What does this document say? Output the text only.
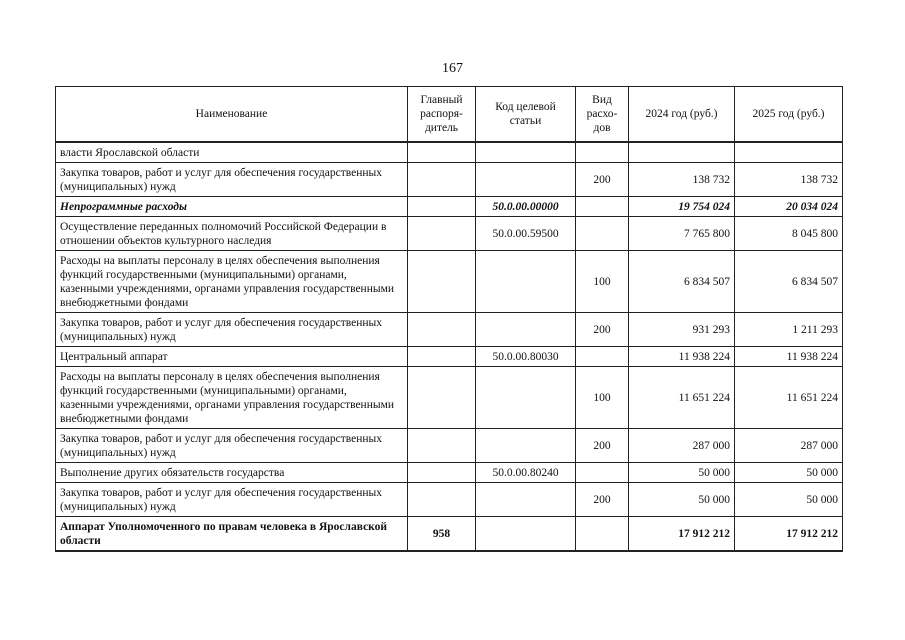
167
Наименование	Главный распоря-дитель	Код целевой статьи	Вид расхо-дов	2024 год (руб.)	2025 год (руб.)
власти Ярославской области					
Закупка товаров, работ и услуг для обеспечения государственных (муниципальных) нужд			200	138 732	138 732
Непрограммные расходы		50.0.00.00000		19 754 024	20 034 024
Осуществление переданных полномочий Российской Федерации в отношении объектов культурного наследия		50.0.00.59500		7 765 800	8 045 800
Расходы на выплаты персоналу в целях обеспечения выполнения функций государственными (муниципальными) органами, казенными учреждениями, органами управления государственными внебюджетными фондами			100	6 834 507	6 834 507
Закупка товаров, работ и услуг для обеспечения государственных (муниципальных) нужд			200	931 293	1 211 293
Центральный аппарат		50.0.00.80030		11 938 224	11 938 224
Расходы на выплаты персоналу в целях обеспечения выполнения функций государственными (муниципальными) органами, казенными учреждениями, органами управления государственными внебюджетными фондами			100	11 651 224	11 651 224
Закупка товаров, работ и услуг для обеспечения государственных (муниципальных) нужд			200	287 000	287 000
Выполнение других обязательств государства		50.0.00.80240		50 000	50 000
Закупка товаров, работ и услуг для обеспечения государственных (муниципальных) нужд			200	50 000	50 000
Аппарат Уполномоченного по правам человека в Ярославской области	958			17 912 212	17 912 212
